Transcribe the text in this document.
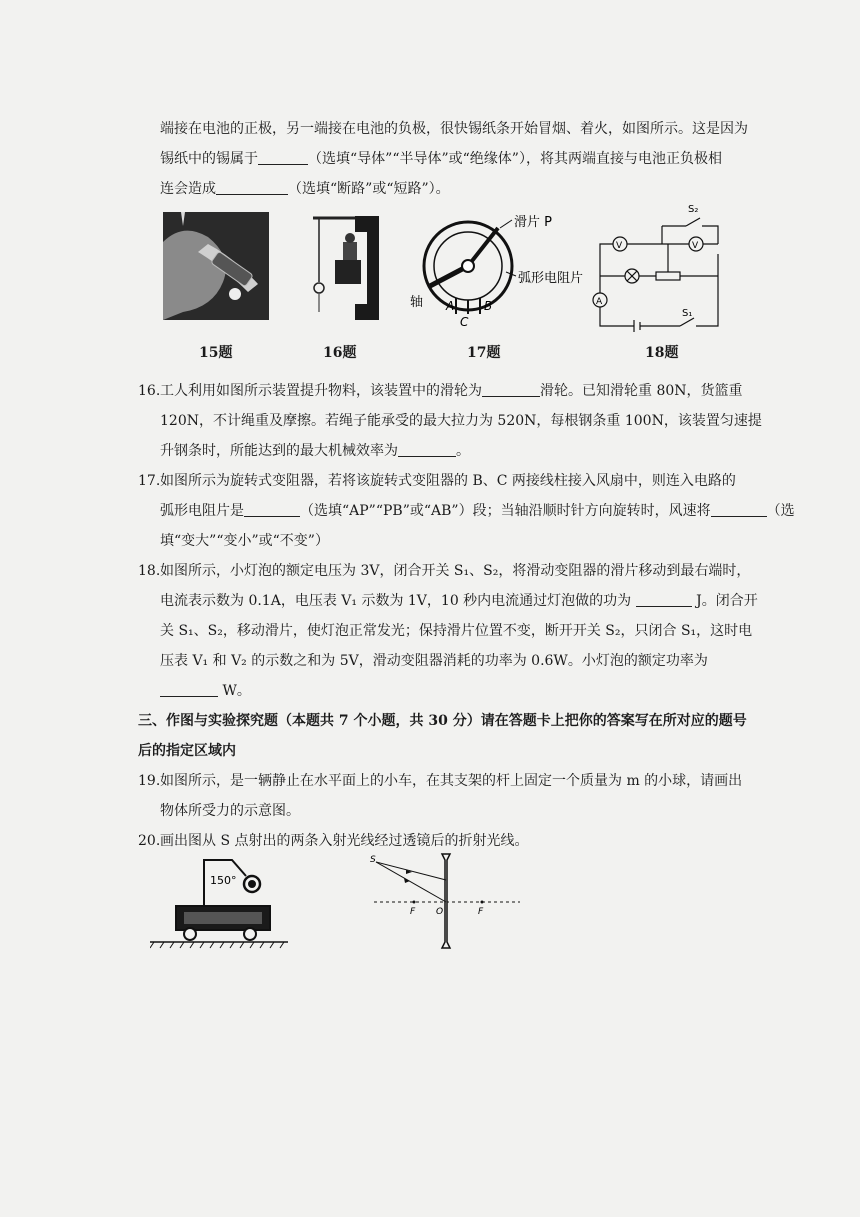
端接在电池的正极，另一端接在电池的负极，很快锡纸条开始冒烟、着火，如图所示。这是因为
锡纸中的锡属于	（选填“导体”“半导体”或“绝缘体”），将其两端直接与电池正负极相
连会造成	（选填“断路”或“短路”）。
15题	16题
滑片 P
弧形电阻片
轴 A B
C
17题
V	V
A
S₂
S₁
18题
16. 工人利用如图所示装置提升物料，该装置中的滑轮为	滑轮。已知滑轮重 80N，货篮重
120N，不计绳重及摩擦。若绳子能承受的最大拉力为 520N，每根钢条重 100N，该装置匀速提
升钢条时，所能达到的最大机械效率为	。
17. 如图所示为旋转式变阻器，若将该旋转式变阻器的 B、C 两接线柱接入风扇中，则连入电路的
弧形电阻片是	（选填“AP”“PB”或“AB”）段；当轴沿顺时针方向旋转时，风速将	（选
填“变大”“变小”或“不变”）
18. 如图所示，小灯泡的额定电压为 3V，闭合开关 S₁、S₂，将滑动变阻器的滑片移动到最右端时，
电流表示数为 0.1A，电压表 V₁ 示数为 1V，10 秒内电流通过灯泡做的功为	J。闭合开
关 S₁、S₂，移动滑片，使灯泡正常发光；保持滑片位置不变，断开开关 S₂，只闭合 S₁，这时电
压表 V₁ 和 V₂ 的示数之和为 5V，滑动变阻器消耗的功率为 0.6W。小灯泡的额定功率为
W。
三、作图与实验探究题（本题共 7 个小题，共 30 分）请在答题卡上把你的答案写在所对应的题号
后的指定区域内
19. 如图所示，是一辆静止在水平面上的小车，在其支架的杆上固定一个质量为 m 的小球，请画出
物体所受力的示意图。
20. 画出图从 S 点射出的两条入射光线经过透镜后的折射光线。
150°
S
F O	F
